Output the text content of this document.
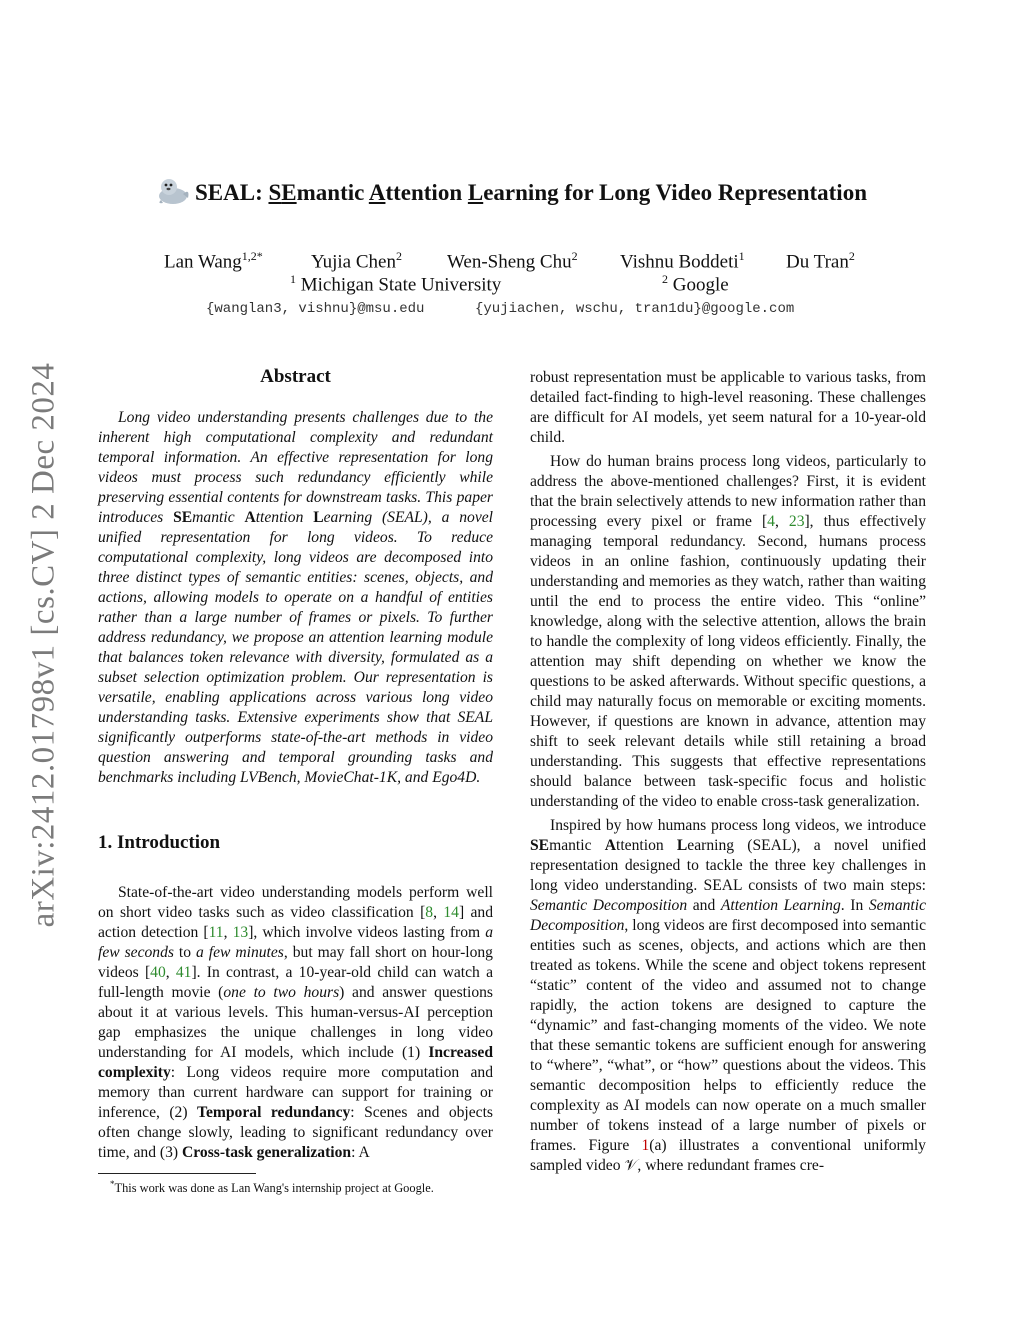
arXiv:2412.01798v1 [cs.CV] 2 Dec 2024
SEAL: SEmantic Attention Learning for Long Video Representation
Lan Wang$^{1,2*}$	Yujia Chen$^2$ Wen-Sheng Chu$^2$ Vishnu Boddeti$^1$ Du Tran$^2$
$^1$ Michigan State University	$^2$ Google
{wanglan3, vishnu}@msu.edu	{yujiachen, wschu, tran1du}@google.com
Abstract

Long video understanding presents challenges due to the inherent high computational complexity and redundant temporal information. An effective representation for long videos must process such redundancy efficiently while preserving essential contents for downstream tasks. This paper introduces SEmantic Attention Learning (SEAL), a novel unified representation for long videos. To reduce computational complexity, long videos are decomposed into three distinct types of semantic entities: scenes, objects, and actions, allowing models to operate on a handful of entities rather than a large number of frames or pixels. To further address redundancy, we propose an attention learning module that balances token relevance with diversity, formulated as a subset selection optimization problem. Our representation is versatile, enabling applications across various long video understanding tasks. Extensive experiments show that SEAL significantly outperforms state-of-the-art methods in video question answering and temporal grounding tasks and benchmarks including LVBench, MovieChat-1K, and Ego4D.

1. Introduction

State-of-the-art video understanding models perform well on short video tasks such as video classification [8, 14] and action detection [11, 13], which involve videos lasting from a few seconds to a few minutes, but may fall short on hour-long videos [40, 41]. In contrast, a 10-year-old child can watch a full-length movie (one to two hours) and answer questions about it at various levels. This human-versus-AI perception gap emphasizes the unique challenges in long video understanding for AI models, which include (1) Increased complexity: Long videos require more computation and memory than current hardware can support for training or inference, (2) Temporal redundancy: Scenes and objects often change slowly, leading to significant redundancy over time, and (3) Cross-task generalization: A

*This work was done as Lan Wang's internship project at Google.

robust representation must be applicable to various tasks, from detailed fact-finding to high-level reasoning. These challenges are difficult for AI models, yet seem natural for a 10-year-old child.

How do human brains process long videos, particularly to address the above-mentioned challenges? First, it is evident that the brain selectively attends to new information rather than processing every pixel or frame [4, 23], thus effectively managing temporal redundancy. Second, humans process videos in an online fashion, continuously updating their understanding and memories as they watch, rather than waiting until the end to process the entire video. This “online” knowledge, along with the selective attention, allows the brain to handle the complexity of long videos efficiently. Finally, the attention may shift depending on whether we know the questions to be asked afterwards. Without specific questions, a child may naturally focus on memorable or exciting moments. However, if questions are known in advance, attention may shift to seek relevant details while still retaining a broad understanding. This suggests that effective representations should balance between task-specific focus and holistic understanding of the video to enable cross-task generalization.

Inspired by how humans process long videos, we introduce SEmantic Attention Learning (SEAL), a novel unified representation designed to tackle the three key challenges in long video understanding. SEAL consists of two main steps: Semantic Decomposition and Attention Learning. In Semantic Decomposition, long videos are first decomposed into semantic entities such as scenes, objects, and actions which are then treated as tokens. While the scene and object tokens represent “static” content of the video and assumed not to change rapidly, the action tokens are designed to capture the “dynamic” and fast-changing moments of the video. We note that these semantic tokens are sufficient enough for answering to “where”, “what”, or “how” questions about the videos. This semantic decomposition helps to efficiently reduce the complexity as AI models can now operate on a much smaller number of tokens instead of a large number of pixels or frames. Figure 1(a) illustrates a conventional uniformly sampled video 𝒱, where redundant frames cre-
